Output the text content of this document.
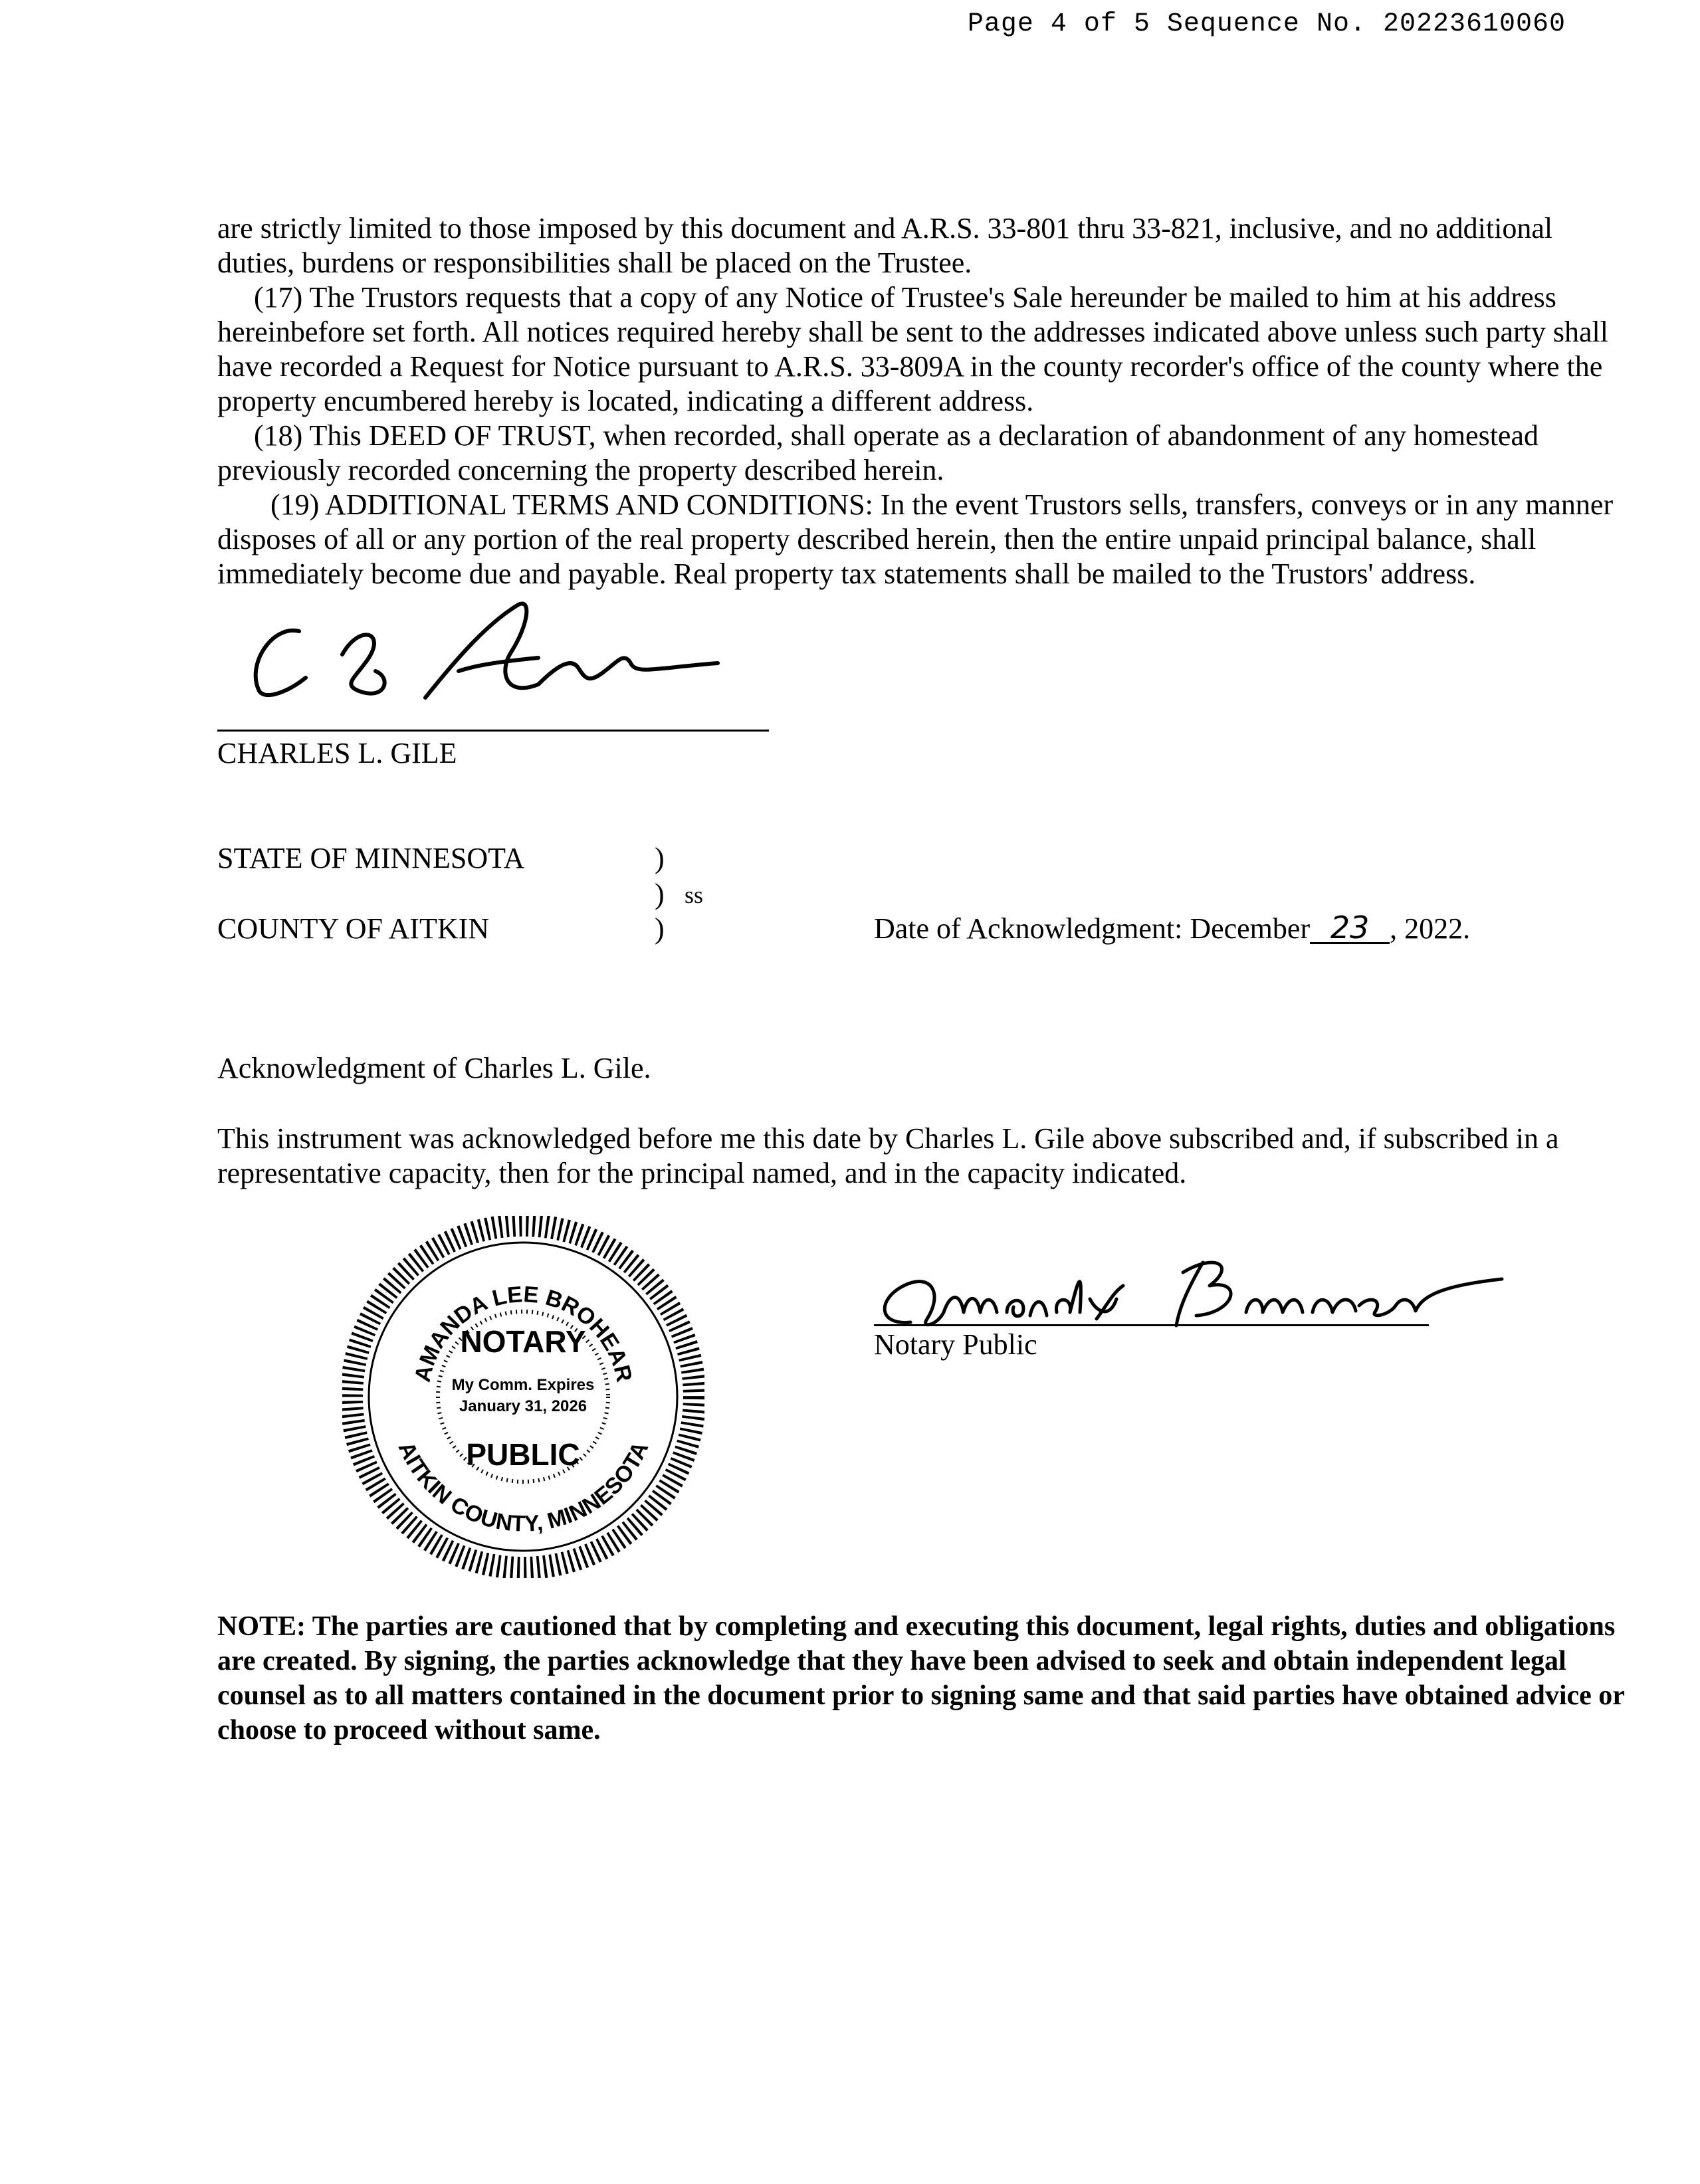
Page 4 of 5 Sequence No. 20223610060

are strictly limited to those imposed by this document and A.R.S. 33-801 thru 33-821, inclusive, and no additional duties, burdens or responsibilities shall be placed on the Trustee.

(17) The Trustors requests that a copy of any Notice of Trustee's Sale hereunder be mailed to him at his address hereinbefore set forth. All notices required hereby shall be sent to the addresses indicated above unless such party shall have recorded a Request for Notice pursuant to A.R.S. 33-809A in the county recorder's office of the county where the property encumbered hereby is located, indicating a different address.

(18) This DEED OF TRUST, when recorded, shall operate as a declaration of abandonment of any homestead previously recorded concerning the property described herein.

(19) ADDITIONAL TERMS AND CONDITIONS: In the event Trustors sells, transfers, conveys or in any manner disposes of all or any portion of the real property described herein, then the entire unpaid principal balance, shall immediately become due and payable. Real property tax statements shall be mailed to the Trustors' address.

CHARLES L. GILE
STATE OF MINNESOTA
COUNTY OF AITKIN
)
)
)
ss
Date of Acknowledgment: December 23 , 2022.
Acknowledgment of Charles L. Gile.
This instrument was acknowledged before me this date by Charles L. Gile above subscribed and, if subscribed in a representative capacity, then for the principal named, and in the capacity indicated.
AMANDA LEE BROHEAR
AITKIN COUNTY, MINNESOTA
NOTARY
My Comm. Expires
January 31, 2026
PUBLIC
Notary Public
NOTE: The parties are cautioned that by completing and executing this document, legal rights, duties and obligations are created. By signing, the parties acknowledge that they have been advised to seek and obtain independent legal counsel as to all matters contained in the document prior to signing same and that said parties have obtained advice or choose to proceed without same.
